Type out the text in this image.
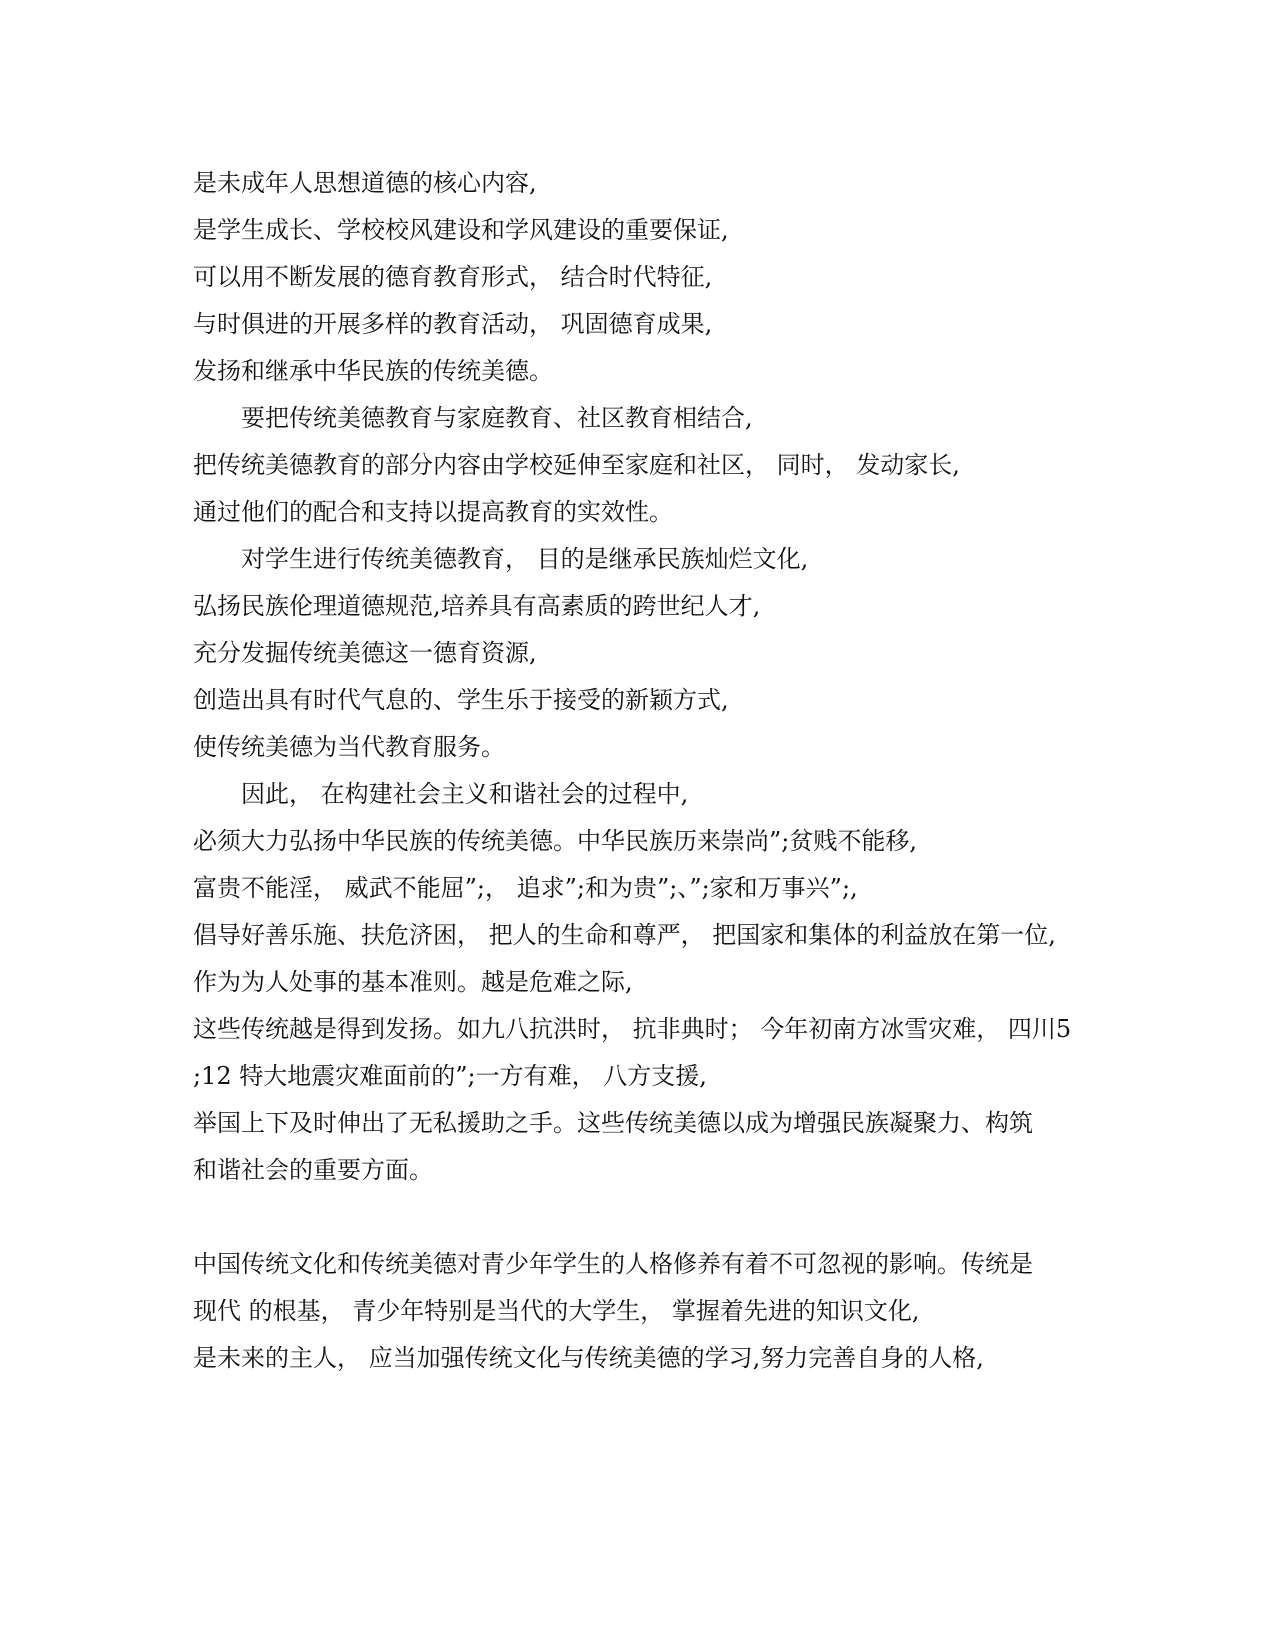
是未成年人思想道德的核心内容,
是学生成长、学校校风建设和学风建设的重要保证,
可以用不断发展的德育教育形式， 结合时代特征,
与时俱进的开展多样的教育活动， 巩固德育成果,
发扬和继承中华民族的传统美德。
要把传统美德教育与家庭教育、社区教育相结合,
把传统美德教育的部分内容由学校延伸至家庭和社区， 同时， 发动家长,
通过他们的配合和支持以提高教育的实效性。
对学生进行传统美德教育， 目的是继承民族灿烂文化,
弘扬民族伦理道德规范,培养具有高素质的跨世纪人才,
充分发掘传统美德这一德育资源,
创造出具有时代气息的、学生乐于接受的新颖方式,
使传统美德为当代教育服务。
因此， 在构建社会主义和谐社会的过程中,
必须大力弘扬中华民族的传统美德。中华民族历来崇尚”;贫贱不能移,
富贵不能淫， 威武不能屈”;， 追求”;和为贵”;、”;家和万事兴”;,
倡导好善乐施、扶危济困， 把人的生命和尊严， 把国家和集体的利益放在第一位,
作为为人处事的基本准则。越是危难之际,
这些传统越是得到发扬。如九八抗洪时， 抗非典时； 今年初南方冰雪灾难， 四川5
;12 特大地震灾难面前的”;一方有难， 八方支援,
举国上下及时伸出了无私援助之手。这些传统美德以成为增强民族凝聚力、构筑
和谐社会的重要方面。
中国传统文化和传统美德对青少年学生的人格修养有着不可忽视的影响。传统是
现代 的根基， 青少年特别是当代的大学生， 掌握着先进的知识文化,
是未来的主人， 应当加强传统文化与传统美德的学习,努力完善自身的人格,
